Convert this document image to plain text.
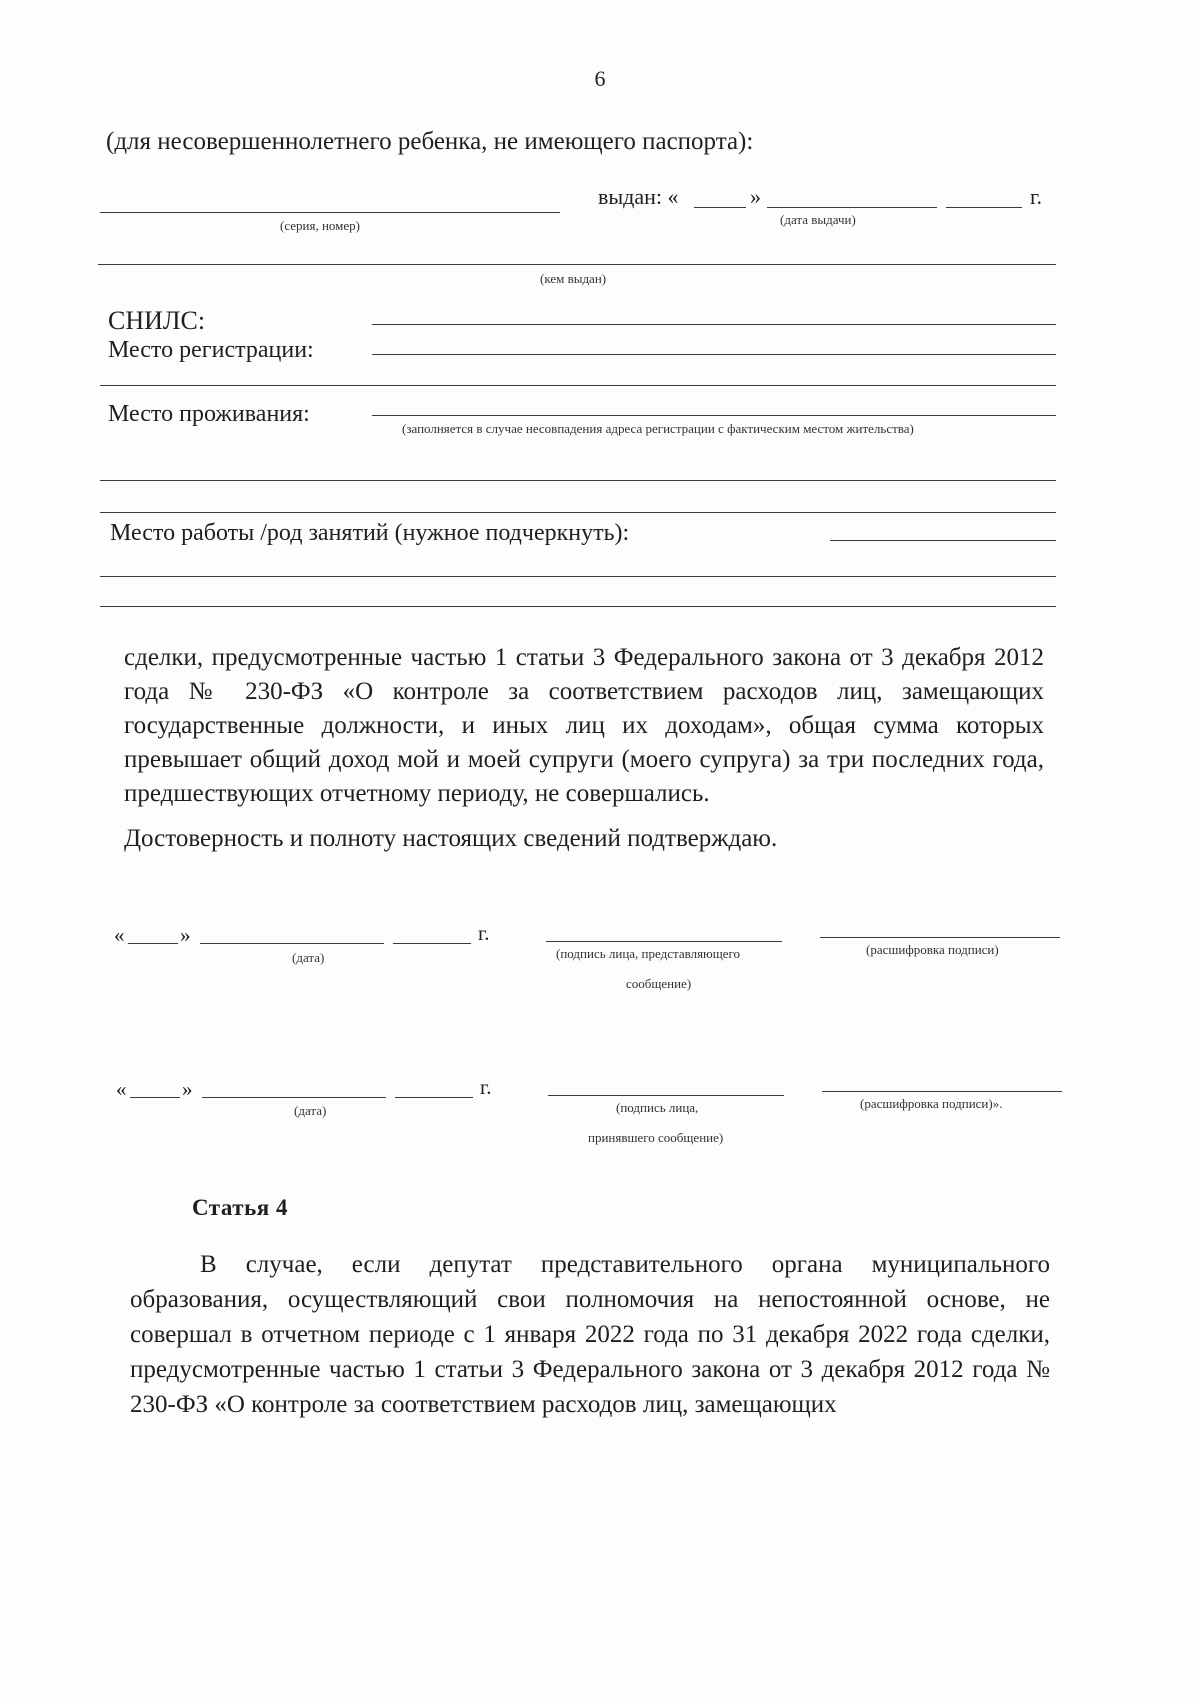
6
(для несовершеннолетнего ребенка, не имеющего паспорта):
(серия, номер)
выдан: «	»	г.
(дата выдачи)
(кем выдан)
СНИЛС:
Место регистрации:
Место проживания:
(заполняется в случае несовпадения адреса регистрации с фактическим местом жительства)
Место работы /род занятий (нужное подчеркнуть):
сделки, предусмотренные частью 1 статьи 3 Федерального закона от 3 декабря 2012 года № 230-ФЗ «О контроле за соответствием расходов лиц, замещающих государственные должности, и иных лиц их доходам», общая сумма которых превышает общий доход мой и моей супруги (моего супруга) за три последних года, предшествующих отчетному периоду, не совершались.
Достоверность и полноту настоящих сведений подтверждаю.
«	»	г.
(дата)	(подпись лица, представляющего
сообщение)
(расшифровка подписи)
«	»	г.
(дата)	(подпись лица,
принявшего сообщение)
(расшифровка подписи)».
Статья 4
В случае, если депутат представительного органа муниципального образования, осуществляющий свои полномочия на непостоянной основе, не совершал в отчетном периоде с 1 января 2022 года по 31 декабря 2022 года сделки, предусмотренные частью 1 статьи 3 Федерального закона от 3 декабря 2012 года № 230-ФЗ «О контроле за соответствием расходов лиц, замещающих
